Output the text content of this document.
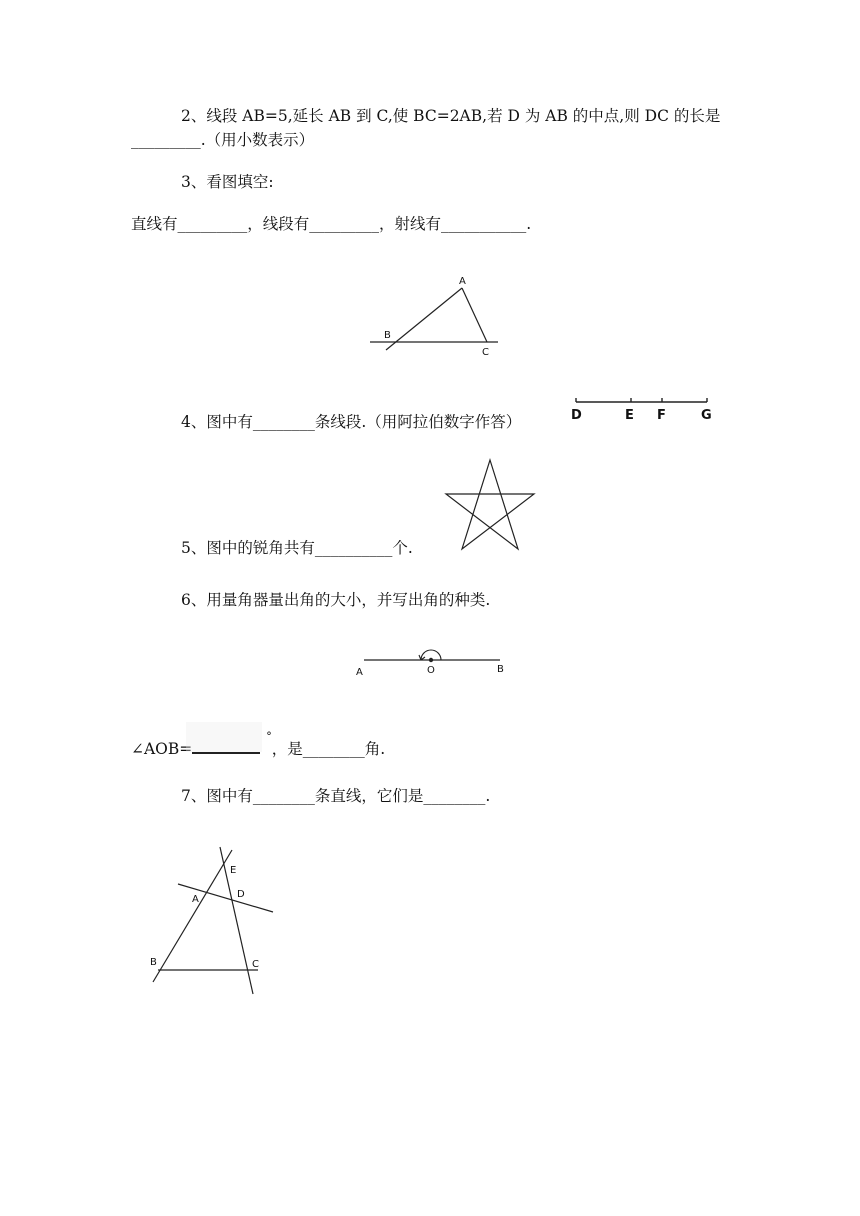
2、线段 AB=5,延长 AB 到 C,使 BC=2AB,若 D 为 AB 的中点,则 DC 的长是
_________.（用小数表示）
3、看图填空:
直线有_________，线段有_________，射线有___________.
A
B
C
4、图中有________条线段.（用阿拉伯数字作答）	D	E F	G
5、图中的锐角共有__________个.
6、用量角器量出角的大小，并写出角的种类.
A	O	B
∠AOB=°，是________角.
7、图中有________条直线，它们是________.
E
D
A
B	C
